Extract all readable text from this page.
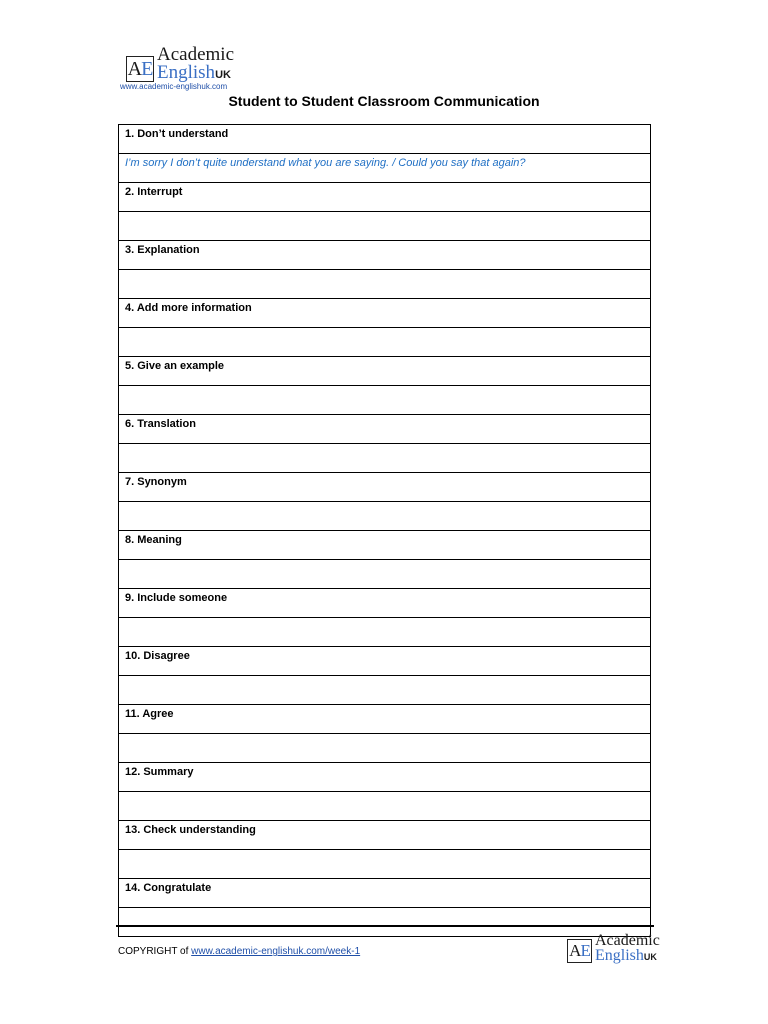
A E
Academic
EnglishUK
www.academic-englishuk.com
Student to Student Classroom Communication
1. Don’t understand
I’m sorry I don’t quite understand what you are saying. / Could you say that again?
2. Interrupt

3. Explanation

4. Add more information

5. Give an example

6. Translation

7. Synonym

8. Meaning

9. Include someone

10. Disagree

11. Agree

12. Summary

13. Check understanding

14. Congratulate

COPYRIGHT of www.academic-englishuk.com/week-1	A E
Academic
EnglishUK
